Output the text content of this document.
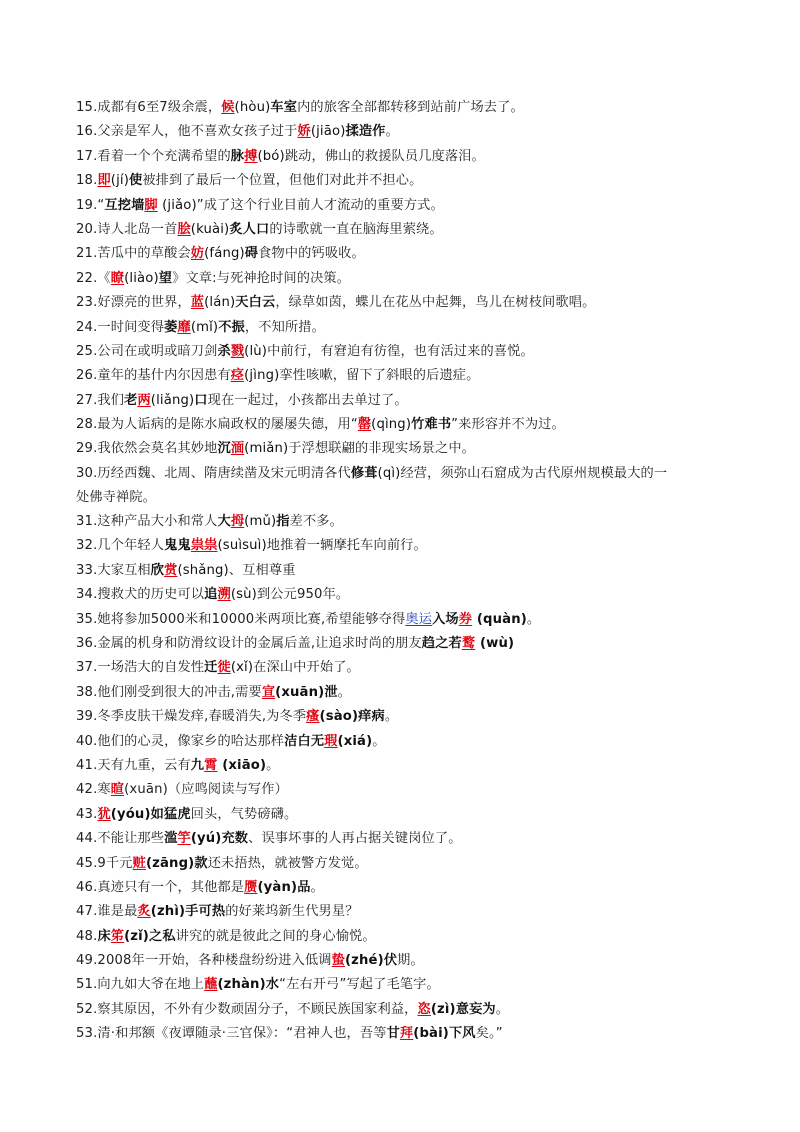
15.成都有6至7级余震，候(hòu)车室内的旅客全部都转移到站前广场去了。
16.父亲是军人，他不喜欢女孩子过于娇(jiāo)揉造作。
17.看着一个个充满希望的脉搏(bó)跳动，佛山的救援队员几度落泪。
18.即(jí)使被排到了最后一个位置，但他们对此并不担心。
19.“互挖墙脚 (jiǎo)”成了这个行业目前人才流动的重要方式。
20.诗人北岛一首脍(kuài)炙人口的诗歌就一直在脑海里萦绕。
21.苦瓜中的草酸会妨(fáng)碍食物中的钙吸收。
22.《瞭(liào)望》文章:与死神抢时间的决策。
23.好漂亮的世界，蓝(lán)天白云，绿草如茵，蝶儿在花丛中起舞，鸟儿在树枝间歌唱。
24.一时间变得萎靡(mǐ)不振，不知所措。
25.公司在或明或暗刀剑杀戮(lù)中前行，有窘迫有彷徨，也有活过来的喜悦。
26.童年的基什内尔因患有痉(jìng)挛性咳嗽，留下了斜眼的后遗症。
27.我们老两(liǎng)口现在一起过，小孩都出去单过了。
28.最为人诟病的是陈水扁政权的屡屡失德，用“罄(qìng)竹难书”来形容并不为过。
29.我依然会莫名其妙地沉湎(miǎn)于浮想联翩的非现实场景之中。
30.历经西魏、北周、隋唐续凿及宋元明清各代修葺(qì)经营，须弥山石窟成为古代原州规模最大的一
处佛寺禅院。
31.这种产品大小和常人大拇(mǔ)指差不多。
32.几个年轻人鬼鬼祟祟(suìsuì)地推着一辆摩托车向前行。
33.大家互相欣赏(shǎng)、互相尊重
34.搜救犬的历史可以追溯(sù)到公元950年。
35.她将参加5000米和10000米两项比赛,希望能够夺得奥运入场券 (quàn)。
36.金属的机身和防滑纹设计的金属后盖,让追求时尚的朋友趋之若鹜 (wù)
37.一场浩大的自发性迁徙(xǐ)在深山中开始了。
38.他们刚受到很大的冲击,需要宣(xuān)泄。
39.冬季皮肤干燥发痒,春暖消失,为冬季瘙(sào)痒病。
40.他们的心灵，像家乡的哈达那样洁白无瑕(xiá)。
41.天有九重，云有九霄 (xiāo)。
42.寒暄(xuān)（应鸣阅读与写作）
43.犹(yóu)如猛虎回头，气势磅礴。
44.不能让那些滥竽(yú)充数、误事坏事的人再占据关键岗位了。
45.9千元赃(zāng)款还未捂热，就被警方发觉。
46.真迹只有一个，其他都是赝(yàn)品。
47.谁是最炙(zhì)手可热的好莱坞新生代男星？
48.床笫(zǐ)之私讲究的就是彼此之间的身心愉悦。
49.2008年一开始，各种楼盘纷纷进入低调蛰(zhé)伏期。
51.向九如大爷在地上蘸(zhàn)水“左右开弓”写起了毛笔字。
52.察其原因，不外有少数顽固分子，不顾民族国家利益，恣(zì)意妄为。
53.清·和邦额《夜谭随录·三官保》：“君神人也，吾等甘拜(bài)下风矣。”
